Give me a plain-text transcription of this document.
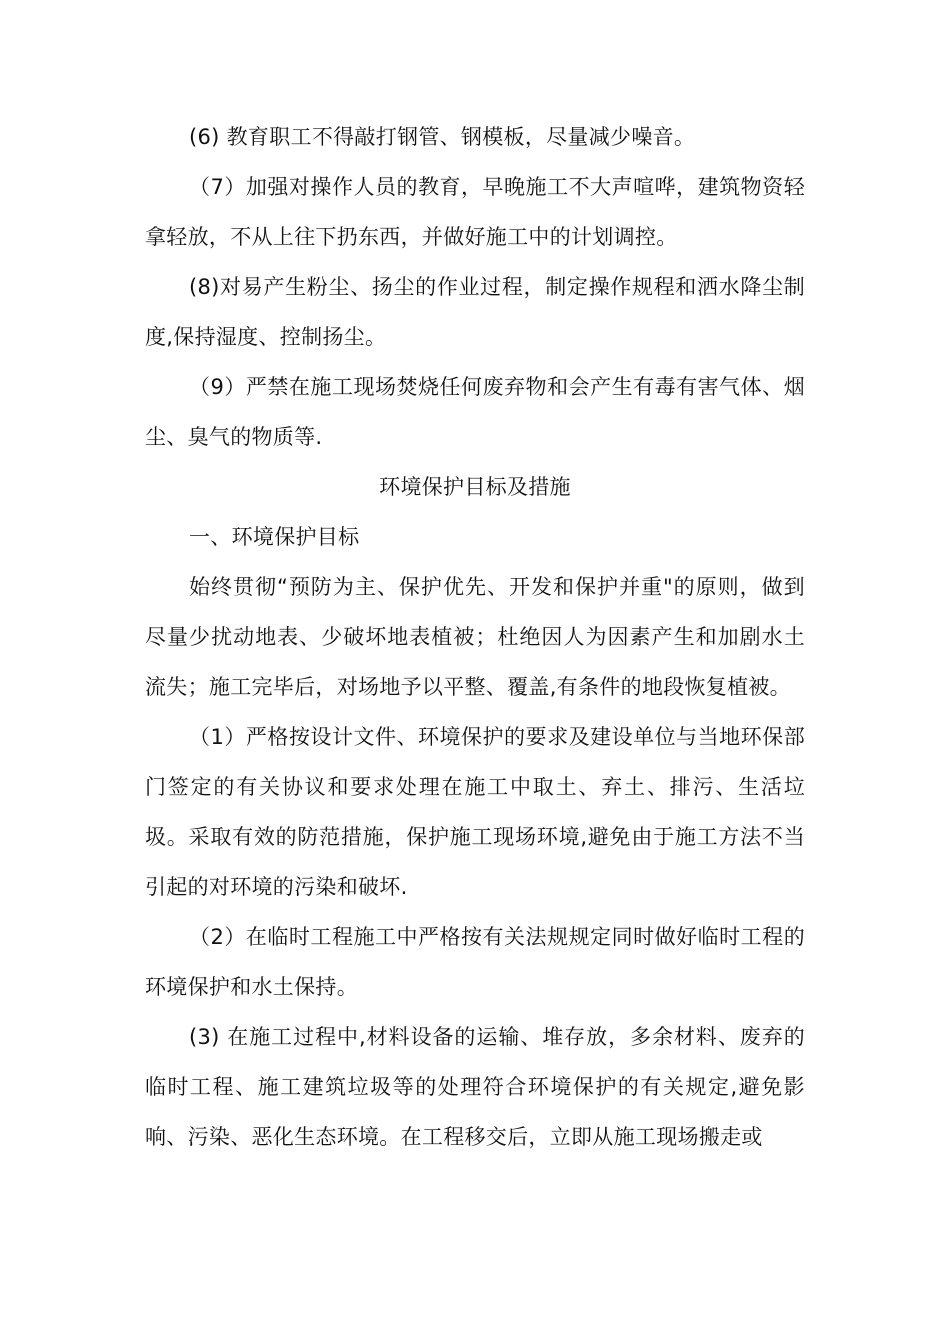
(6) 教育职工不得敲打钢管、钢模板，尽量减少噪音。

（7）加强对操作人员的教育，早晚施工不大声喧哗，建筑物资轻拿轻放，不从上往下扔东西，并做好施工中的计划调控。

(8)对易产生粉尘、扬尘的作业过程，制定操作规程和洒水降尘制度,保持湿度、控制扬尘。

（9）严禁在施工现场焚烧任何废弃物和会产生有毒有害气体、烟尘、臭气的物质等.

环境保护目标及措施

一、环境保护目标

始终贯彻“预防为主、保护优先、开发和保护并重"的原则，做到尽量少扰动地表、少破坏地表植被；杜绝因人为因素产生和加剧水土流失；施工完毕后，对场地予以平整、覆盖,有条件的地段恢复植被。

（1）严格按设计文件、环境保护的要求及建设单位与当地环保部门签定的有关协议和要求处理在施工中取土、弃土、排污、生活垃圾。采取有效的防范措施，保护施工现场环境,避免由于施工方法不当引起的对环境的污染和破坏.

（2）在临时工程施工中严格按有关法规规定同时做好临时工程的环境保护和水土保持。

(3) 在施工过程中,材料设备的运输、堆存放，多余材料、废弃的临时工程、施工建筑垃圾等的处理符合环境保护的有关规定,避免影响、污染、恶化生态环境。在工程移交后，立即从施工现场搬走或
